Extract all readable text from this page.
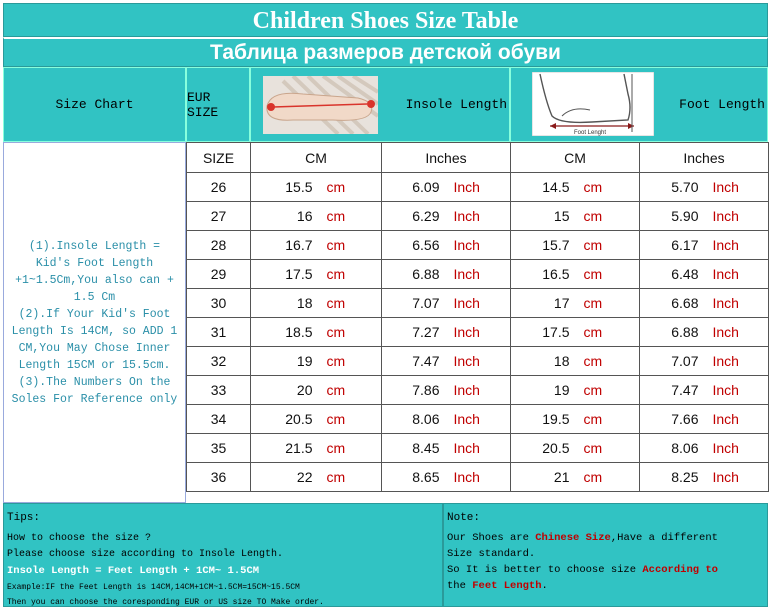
Children Shoes Size Table
Таблица размеров детской обуви
Size Chart	EUR SIZE	Insole Length	Foot Length
Foot Lenght
(1).Insole Length =
Kid's Foot Length
+1~1.5Cm,You also can +
1.5 Cm
(2).If Your Kid's Foot
Length Is 14CM, so ADD 1
CM,You May Chose Inner
Length 15CM or 15.5cm.
(3).The Numbers On the
Soles For Reference only
SIZE	CM		Inches		CM		Inches	
26	15.5	cm	6.09	Inch	14.5	cm	5.70	Inch
27	16	cm	6.29	Inch	15	cm	5.90	Inch
28	16.7	cm	6.56	Inch	15.7	cm	6.17	Inch
29	17.5	cm	6.88	Inch	16.5	cm	6.48	Inch
30	18	cm	7.07	Inch	17	cm	6.68	Inch
31	18.5	cm	7.27	Inch	17.5	cm	6.88	Inch
32	19	cm	7.47	Inch	18	cm	7.07	Inch
33	20	cm	7.86	Inch	19	cm	7.47	Inch
34	20.5	cm	8.06	Inch	19.5	cm	7.66	Inch
35	21.5	cm	8.45	Inch	20.5	cm	8.06	Inch
36	22	cm	8.65	Inch	21	cm	8.25	Inch
Tips:
How to choose the size ?
Please choose size according to Insole Length.
Insole Length = Feet Length + 1CM~ 1.5CM
Example:IF the Feet Length is 14CM,14CM+1CM~1.5CM=15CM~15.5CM
Then you can choose the coresponding EUR or US size TO Make order.
Note:
Our Shoes are Chinese Size,Have a different
Size standard.
So It is better to choose size According to
the Feet Length.
